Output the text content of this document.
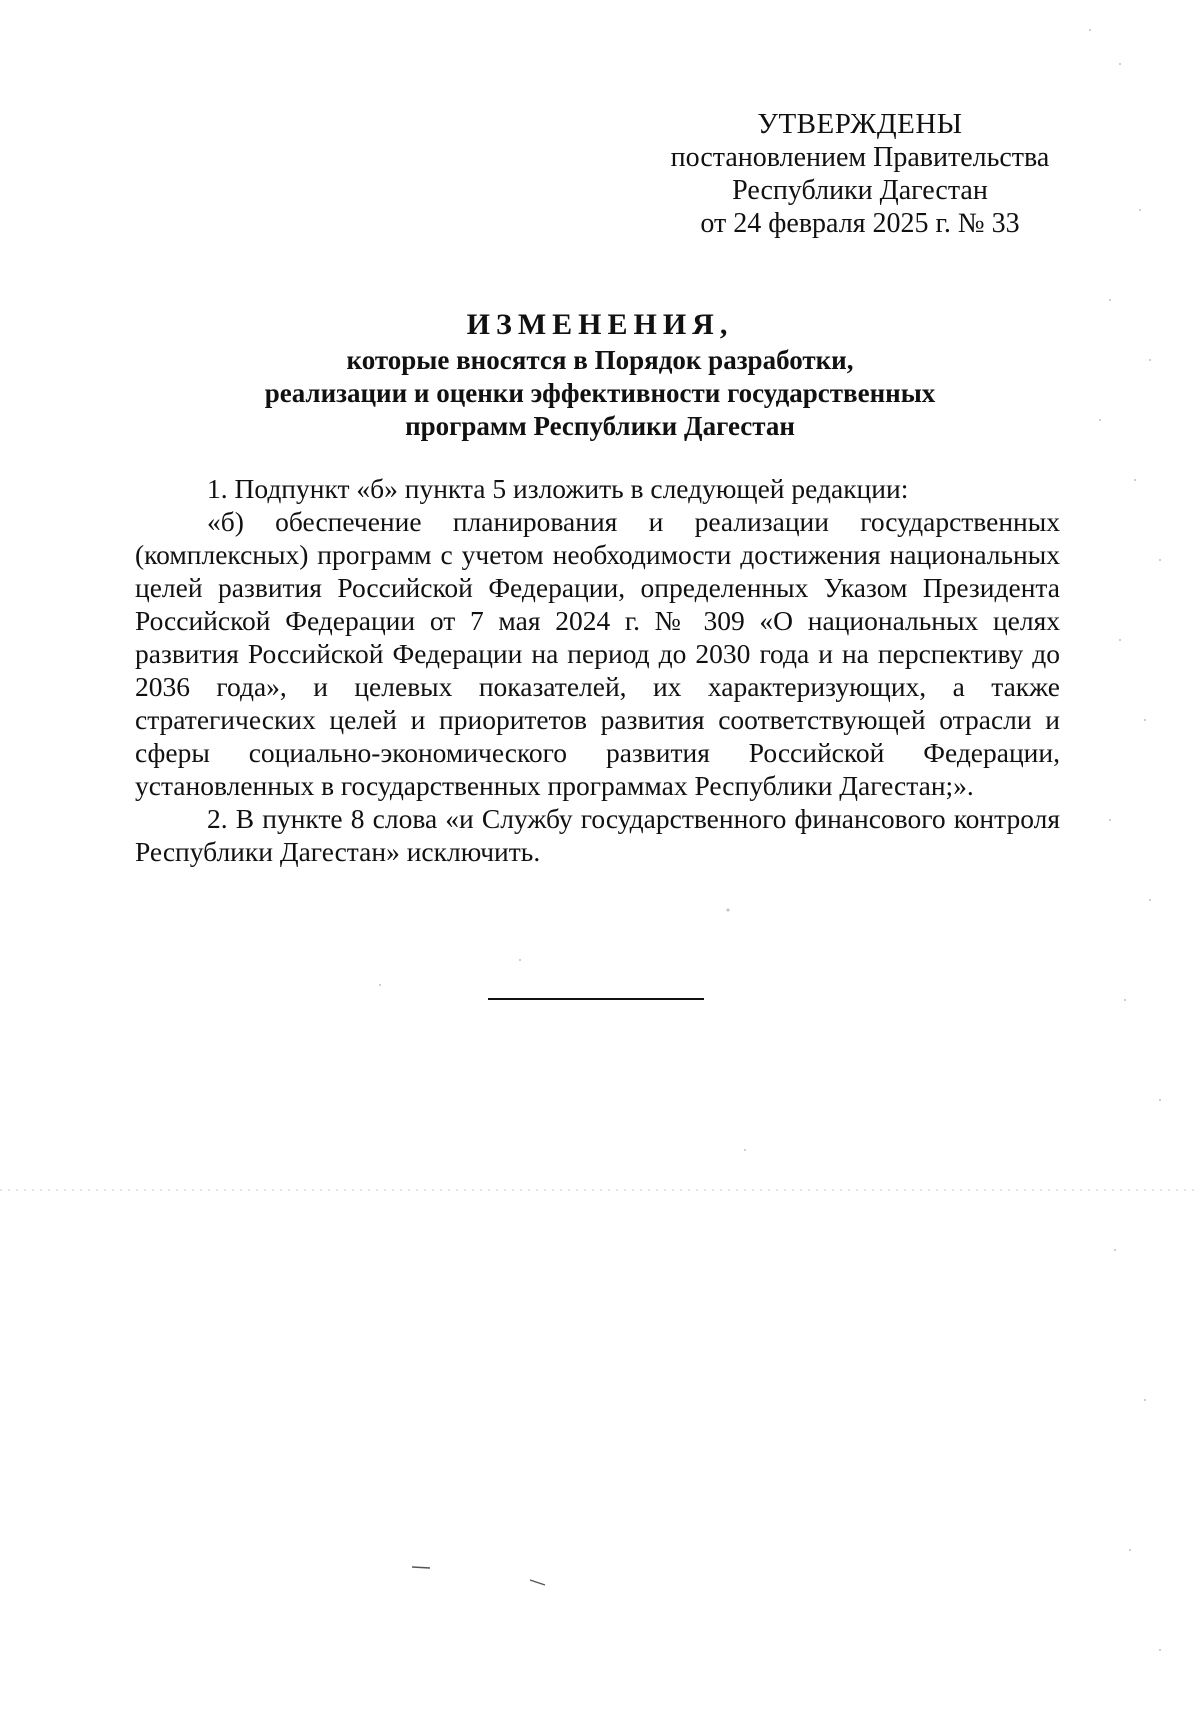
УТВЕРЖДЕНЫ
постановлением Правительства
Республики Дагестан
от 24 февраля 2025 г. № 33
ИЗМЕНЕНИЯ,
которые вносятся в Порядок разработки,
реализации и оценки эффективности государственных
программ Республики Дагестан

1. Подпункт «б» пункта 5 изложить в следующей редакции:

«б) обеспечение планирования и реализации государственных (комплексных) программ с учетом необходимости достижения национальных целей развития Российской Федерации, определенных Указом Президента Российской Федерации от 7 мая 2024 г. № 309 «О национальных целях развития Российской Федерации на период до 2030 года и на перспективу до 2036 года», и целевых показателей, их характеризующих, а также стратегических целей и приоритетов развития соответствующей отрасли и сферы социально-экономического развития Российской Федерации, установленных в государственных программах Республики Дагестан;».

2. В пункте 8 слова «и Службу государственного финансового контроля Республики Дагестан» исключить.
